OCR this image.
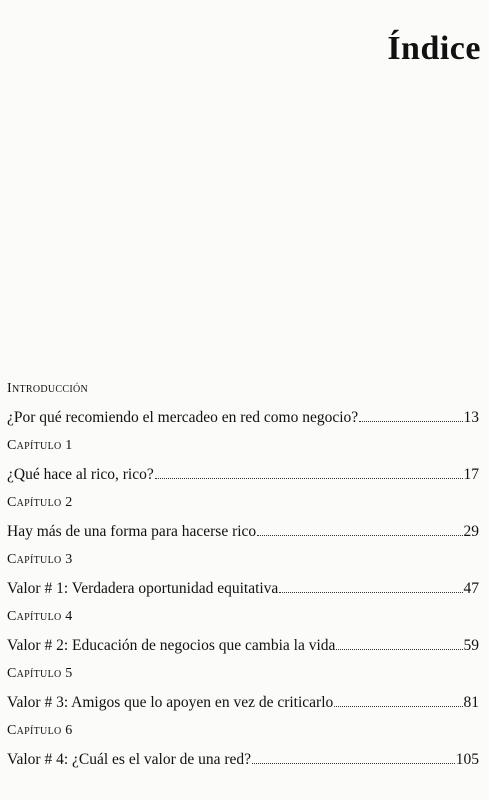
Índice
Introducción
¿Por qué recomiendo el mercadeo en red como negocio?	13
Capítulo 1
¿Qué hace al rico, rico?	17
Capítulo 2
Hay más de una forma para hacerse rico	29
Capítulo 3
Valor # 1: Verdadera oportunidad equitativa	47
Capítulo 4
Valor # 2: Educación de negocios que cambia la vida	59
Capítulo 5
Valor # 3: Amigos que lo apoyen en vez de criticarlo	81
Capítulo 6
Valor # 4: ¿Cuál es el valor de una red?	105
